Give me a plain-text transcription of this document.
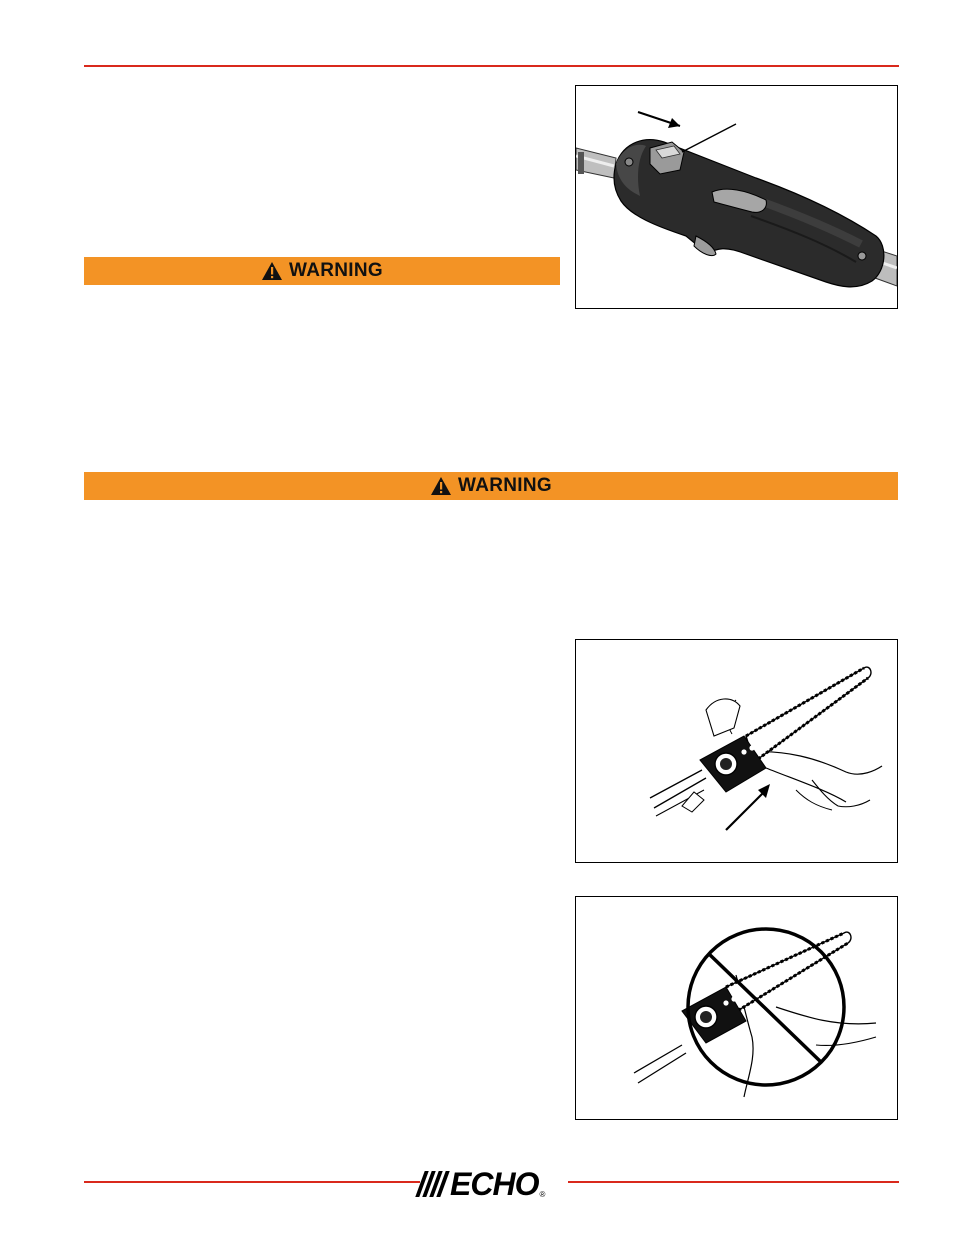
WARNING
WARNING
ECHO ®
